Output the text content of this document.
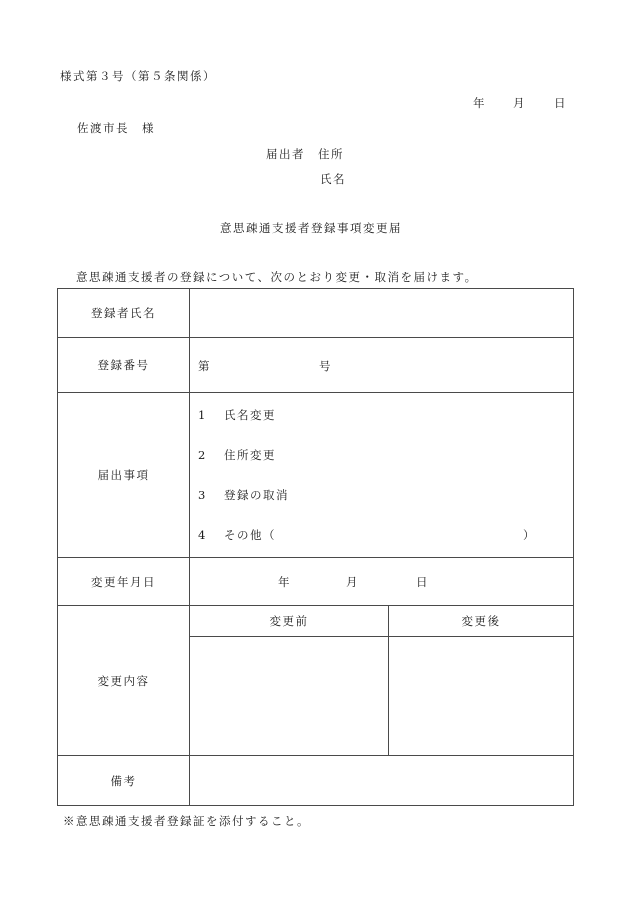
様式第３号（第５条関係）
年 月 日
佐渡市長　様
届出者　住所
氏名
意思疎通支援者登録事項変更届
意思疎通支援者の登録について、次のとおり変更・取消を届けます。
登録者氏名		
登録番号	第 号	

届出事項	1 氏名変更
2 住所変更
3 登録の取消
4 その他（ ）	

変更年月日	年 月 日	

変更内容	変更前	変更後

備考		
※意思疎通支援者登録証を添付すること。
